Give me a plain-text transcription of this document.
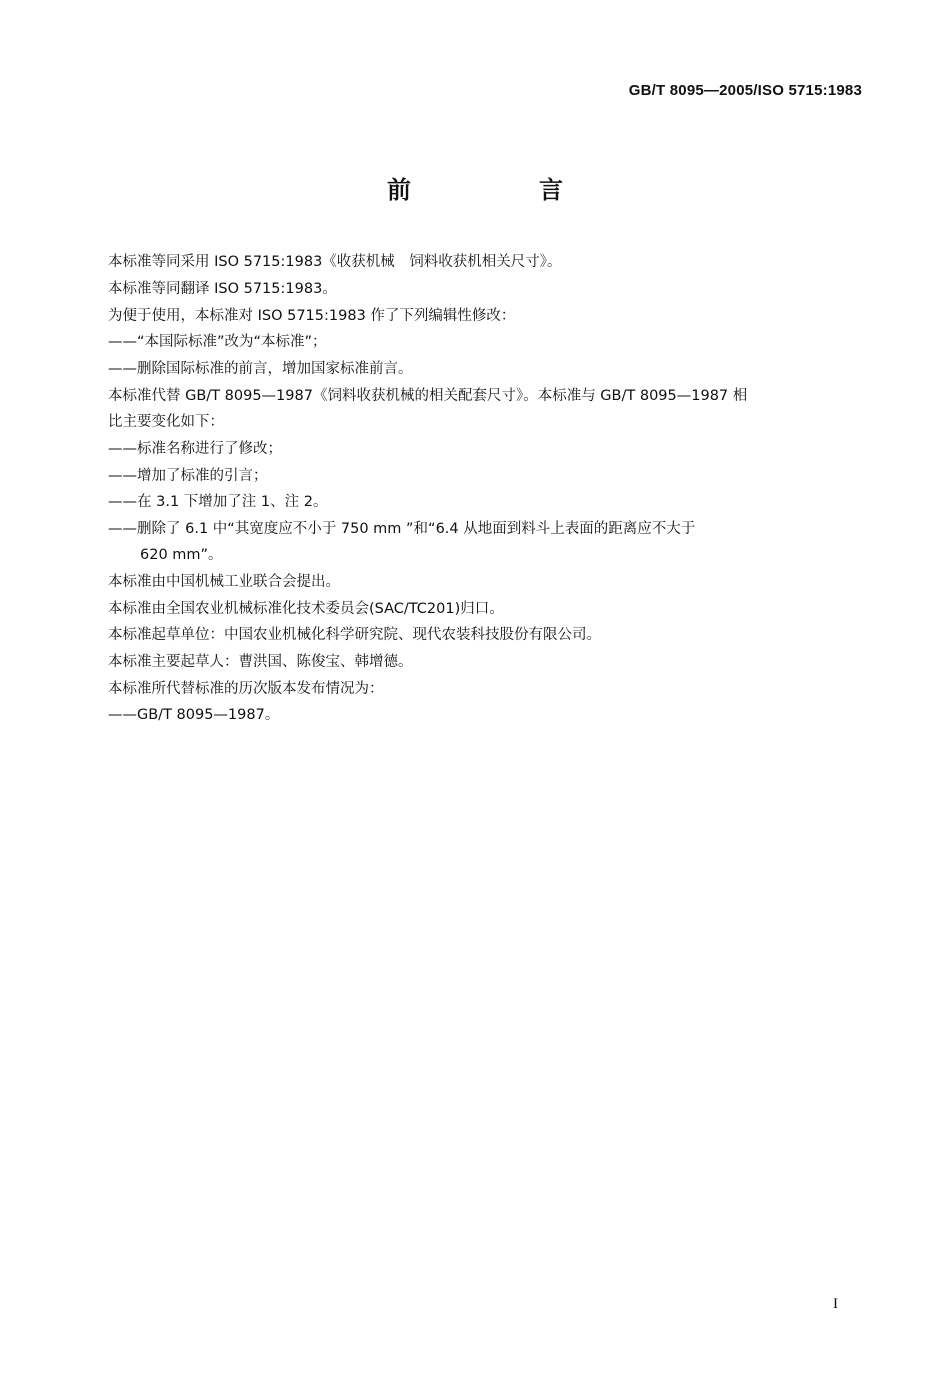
GB/T 8095—2005/ISO 5715:1983
前　言
本标准等同采用 ISO 5715:1983《收获机械　饲料收获机相关尺寸》。
本标准等同翻译 ISO 5715:1983。
为便于使用，本标准对 ISO 5715:1983 作了下列编辑性修改：
——“本国际标准”改为“本标准”；
——删除国际标准的前言，增加国家标准前言。
本标准代替 GB/T 8095—1987《饲料收获机械的相关配套尺寸》。本标准与 GB/T 8095—1987 相
比主要变化如下：
——标准名称进行了修改；
——增加了标准的引言；
——在 3.1 下增加了注 1、注 2。
——删除了 6.1 中“其宽度应不小于 750 mm ”和“6.4 从地面到料斗上表面的距离应不大于
620 mm”。
本标准由中国机械工业联合会提出。
本标准由全国农业机械标准化技术委员会(SAC/TC201)归口。
本标准起草单位：中国农业机械化科学研究院、现代农装科技股份有限公司。
本标准主要起草人：曹洪国、陈俊宝、韩增德。
本标准所代替标准的历次版本发布情况为：
——GB/T 8095—1987。
I
